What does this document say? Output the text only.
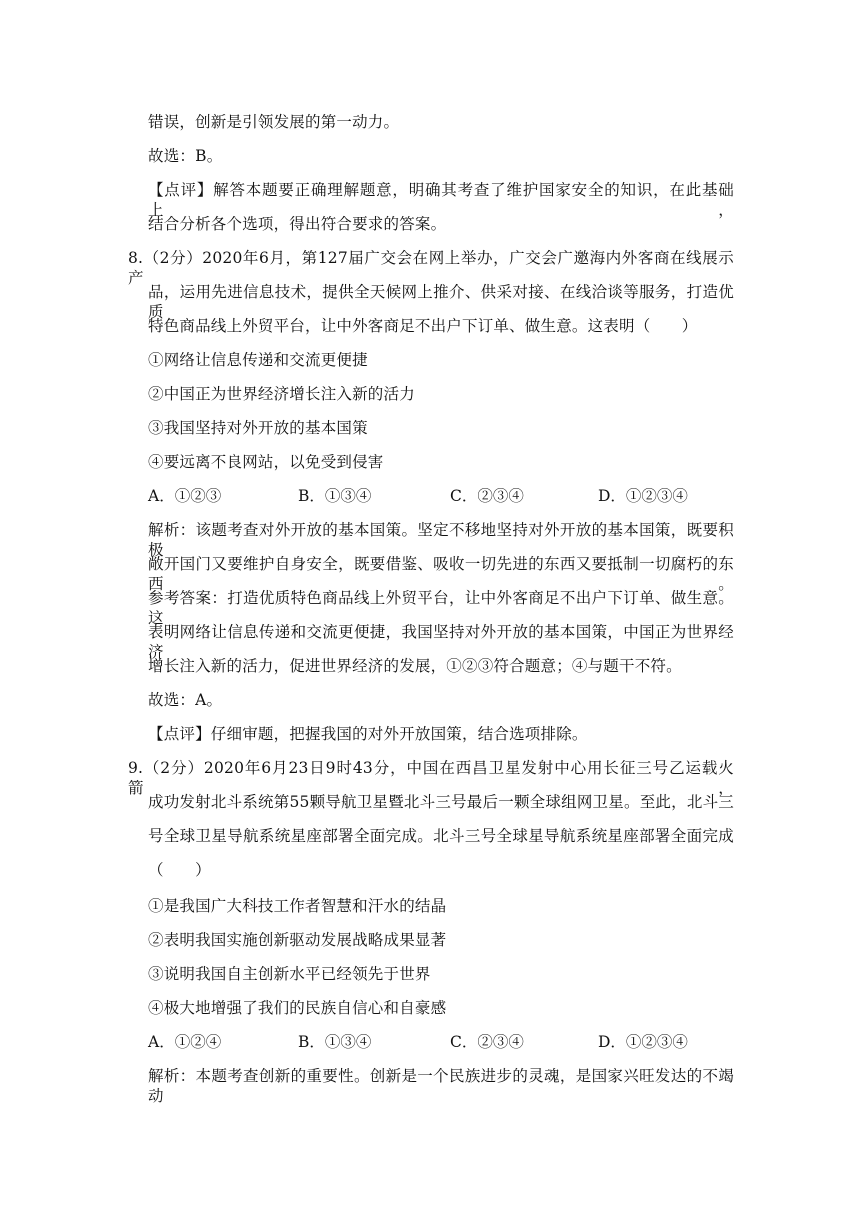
错误，创新是引领发展的第一动力。
故选：B。
【点评】解答本题要正确理解题意，明确其考查了维护国家安全的知识，在此基础上，
结合分析各个选项，得出符合要求的答案。
8.（2分）2020年6月，第127届广交会在网上举办，广交会广邀海内外客商在线展示产
品，运用先进信息技术，提供全天候网上推介、供采对接、在线洽谈等服务，打造优质
特色商品线上外贸平台，让中外客商足不出户下订单、做生意。这表明（　　）
①网络让信息传递和交流更便捷
②中国正为世界经济增长注入新的活力
③我国坚持对外开放的基本国策
④要远离不良网站，以免受到侵害
A．①②③	B．①③④	C．②③④	D．①②③④
解析：该题考查对外开放的基本国策。坚定不移地坚持对外开放的基本国策，既要积极
敞开国门又要维护自身安全，既要借鉴、吸收一切先进的东西又要抵制一切腐朽的东西。
参考答案：打造优质特色商品线上外贸平台，让中外客商足不出户下订单、做生意。这
表明网络让信息传递和交流更便捷，我国坚持对外开放的基本国策，中国正为世界经济
增长注入新的活力，促进世界经济的发展，①②③符合题意；④与题干不符。
故选：A。
【点评】仔细审题，把握我国的对外开放国策，结合选项排除。
9.（2分）2020年6月23日9时43分，中国在西昌卫星发射中心用长征三号乙运载火箭，
成功发射北斗系统第55颗导航卫星暨北斗三号最后一颗全球组网卫星。至此，北斗三
号全球卫星导航系统星座部署全面完成。北斗三号全球星导航系统星座部署全面完成
（　　）
①是我国广大科技工作者智慧和汗水的结晶
②表明我国实施创新驱动发展战略成果显著
③说明我国自主创新水平已经领先于世界
④极大地增强了我们的民族自信心和自豪感
A．①②④	B．①③④	C．②③④	D．①②③④
解析：本题考查创新的重要性。创新是一个民族进步的灵魂，是国家兴旺发达的不竭动
